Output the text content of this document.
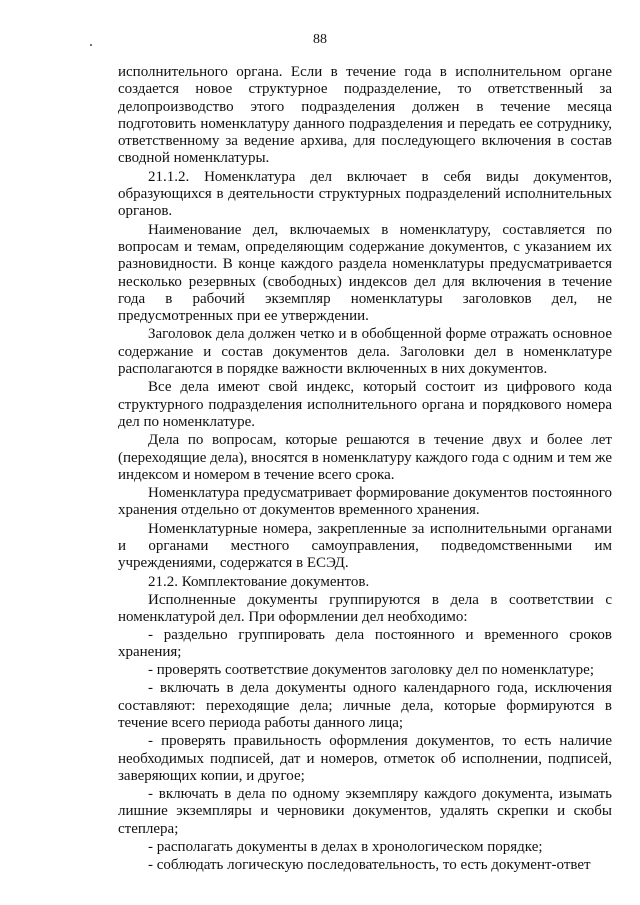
88

исполнительного органа. Если в течение года в исполнительном органе создается новое структурное подразделение, то ответственный за делопроизводство этого подразделения должен в течение месяца подготовить номенклатуру данного подразделения и передать ее сотруднику, ответственному за ведение архива, для последующего включения в состав сводной номенклатуры.

21.1.2. Номенклатура дел включает в себя виды документов, образующихся в деятельности структурных подразделений исполнительных органов.

Наименование дел, включаемых в номенклатуру, составляется по вопросам и темам, определяющим содержание документов, с указанием их разновидности. В конце каждого раздела номенклатуры предусматривается несколько резервных (свободных) индексов дел для включения в течение года в рабочий экземпляр номенклатуры заголовков дел, не предусмотренных при ее утверждении.

Заголовок дела должен четко и в обобщенной форме отражать основное содержание и состав документов дела. Заголовки дел в номенклатуре располагаются в порядке важности включенных в них документов.

Все дела имеют свой индекс, который состоит из цифрового кода структурного подразделения исполнительного органа и порядкового номера дел по номенклатуре.

Дела по вопросам, которые решаются в течение двух и более лет (переходящие дела), вносятся в номенклатуру каждого года с одним и тем же индексом и номером в течение всего срока.

Номенклатура предусматривает формирование документов постоянного хранения отдельно от документов временного хранения.

Номенклатурные номера, закрепленные за исполнительными органами и органами местного самоуправления, подведомственными им учреждениями, содержатся в ЕСЭД.

21.2. Комплектование документов.

Исполненные документы группируются в дела в соответствии с номенклатурой дел. При оформлении дел необходимо:

- раздельно группировать дела постоянного и временного сроков хранения;

- проверять соответствие документов заголовку дел по номенклатуре;

- включать в дела документы одного календарного года, исключения составляют: переходящие дела; личные дела, которые формируются в течение всего периода работы данного лица;

- проверять правильность оформления документов, то есть наличие необходимых подписей, дат и номеров, отметок об исполнении, подписей, заверяющих копии, и другое;

- включать в дела по одному экземпляру каждого документа, изымать лишние экземпляры и черновики документов, удалять скрепки и скобы степлера;

- располагать документы в делах в хронологическом порядке;

- соблюдать логическую последовательность, то есть документ-ответ
